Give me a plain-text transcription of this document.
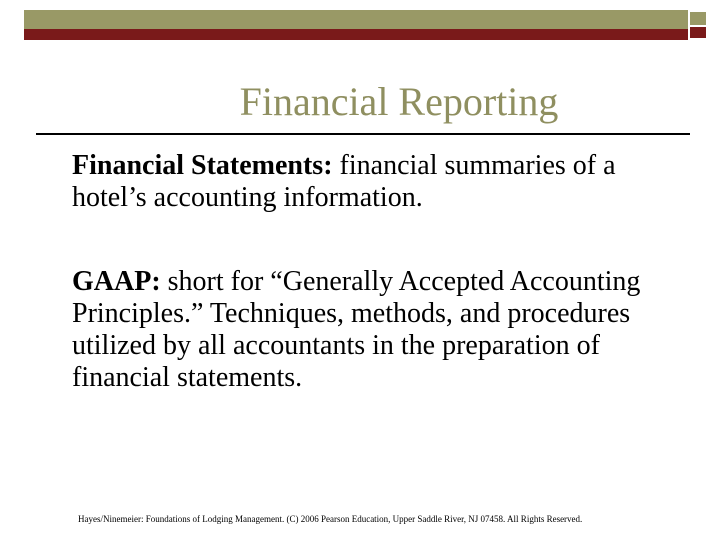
Financial Reporting
Financial Statements: financial summaries of a hotel’s accounting information.
GAAP: short for “Generally Accepted Accounting Principles.” Techniques, methods, and procedures utilized by all accountants in the preparation of financial statements.
Hayes/Ninemeier: Foundations of Lodging Management. (C) 2006 Pearson Education, Upper Saddle River, NJ 07458. All Rights Reserved.
